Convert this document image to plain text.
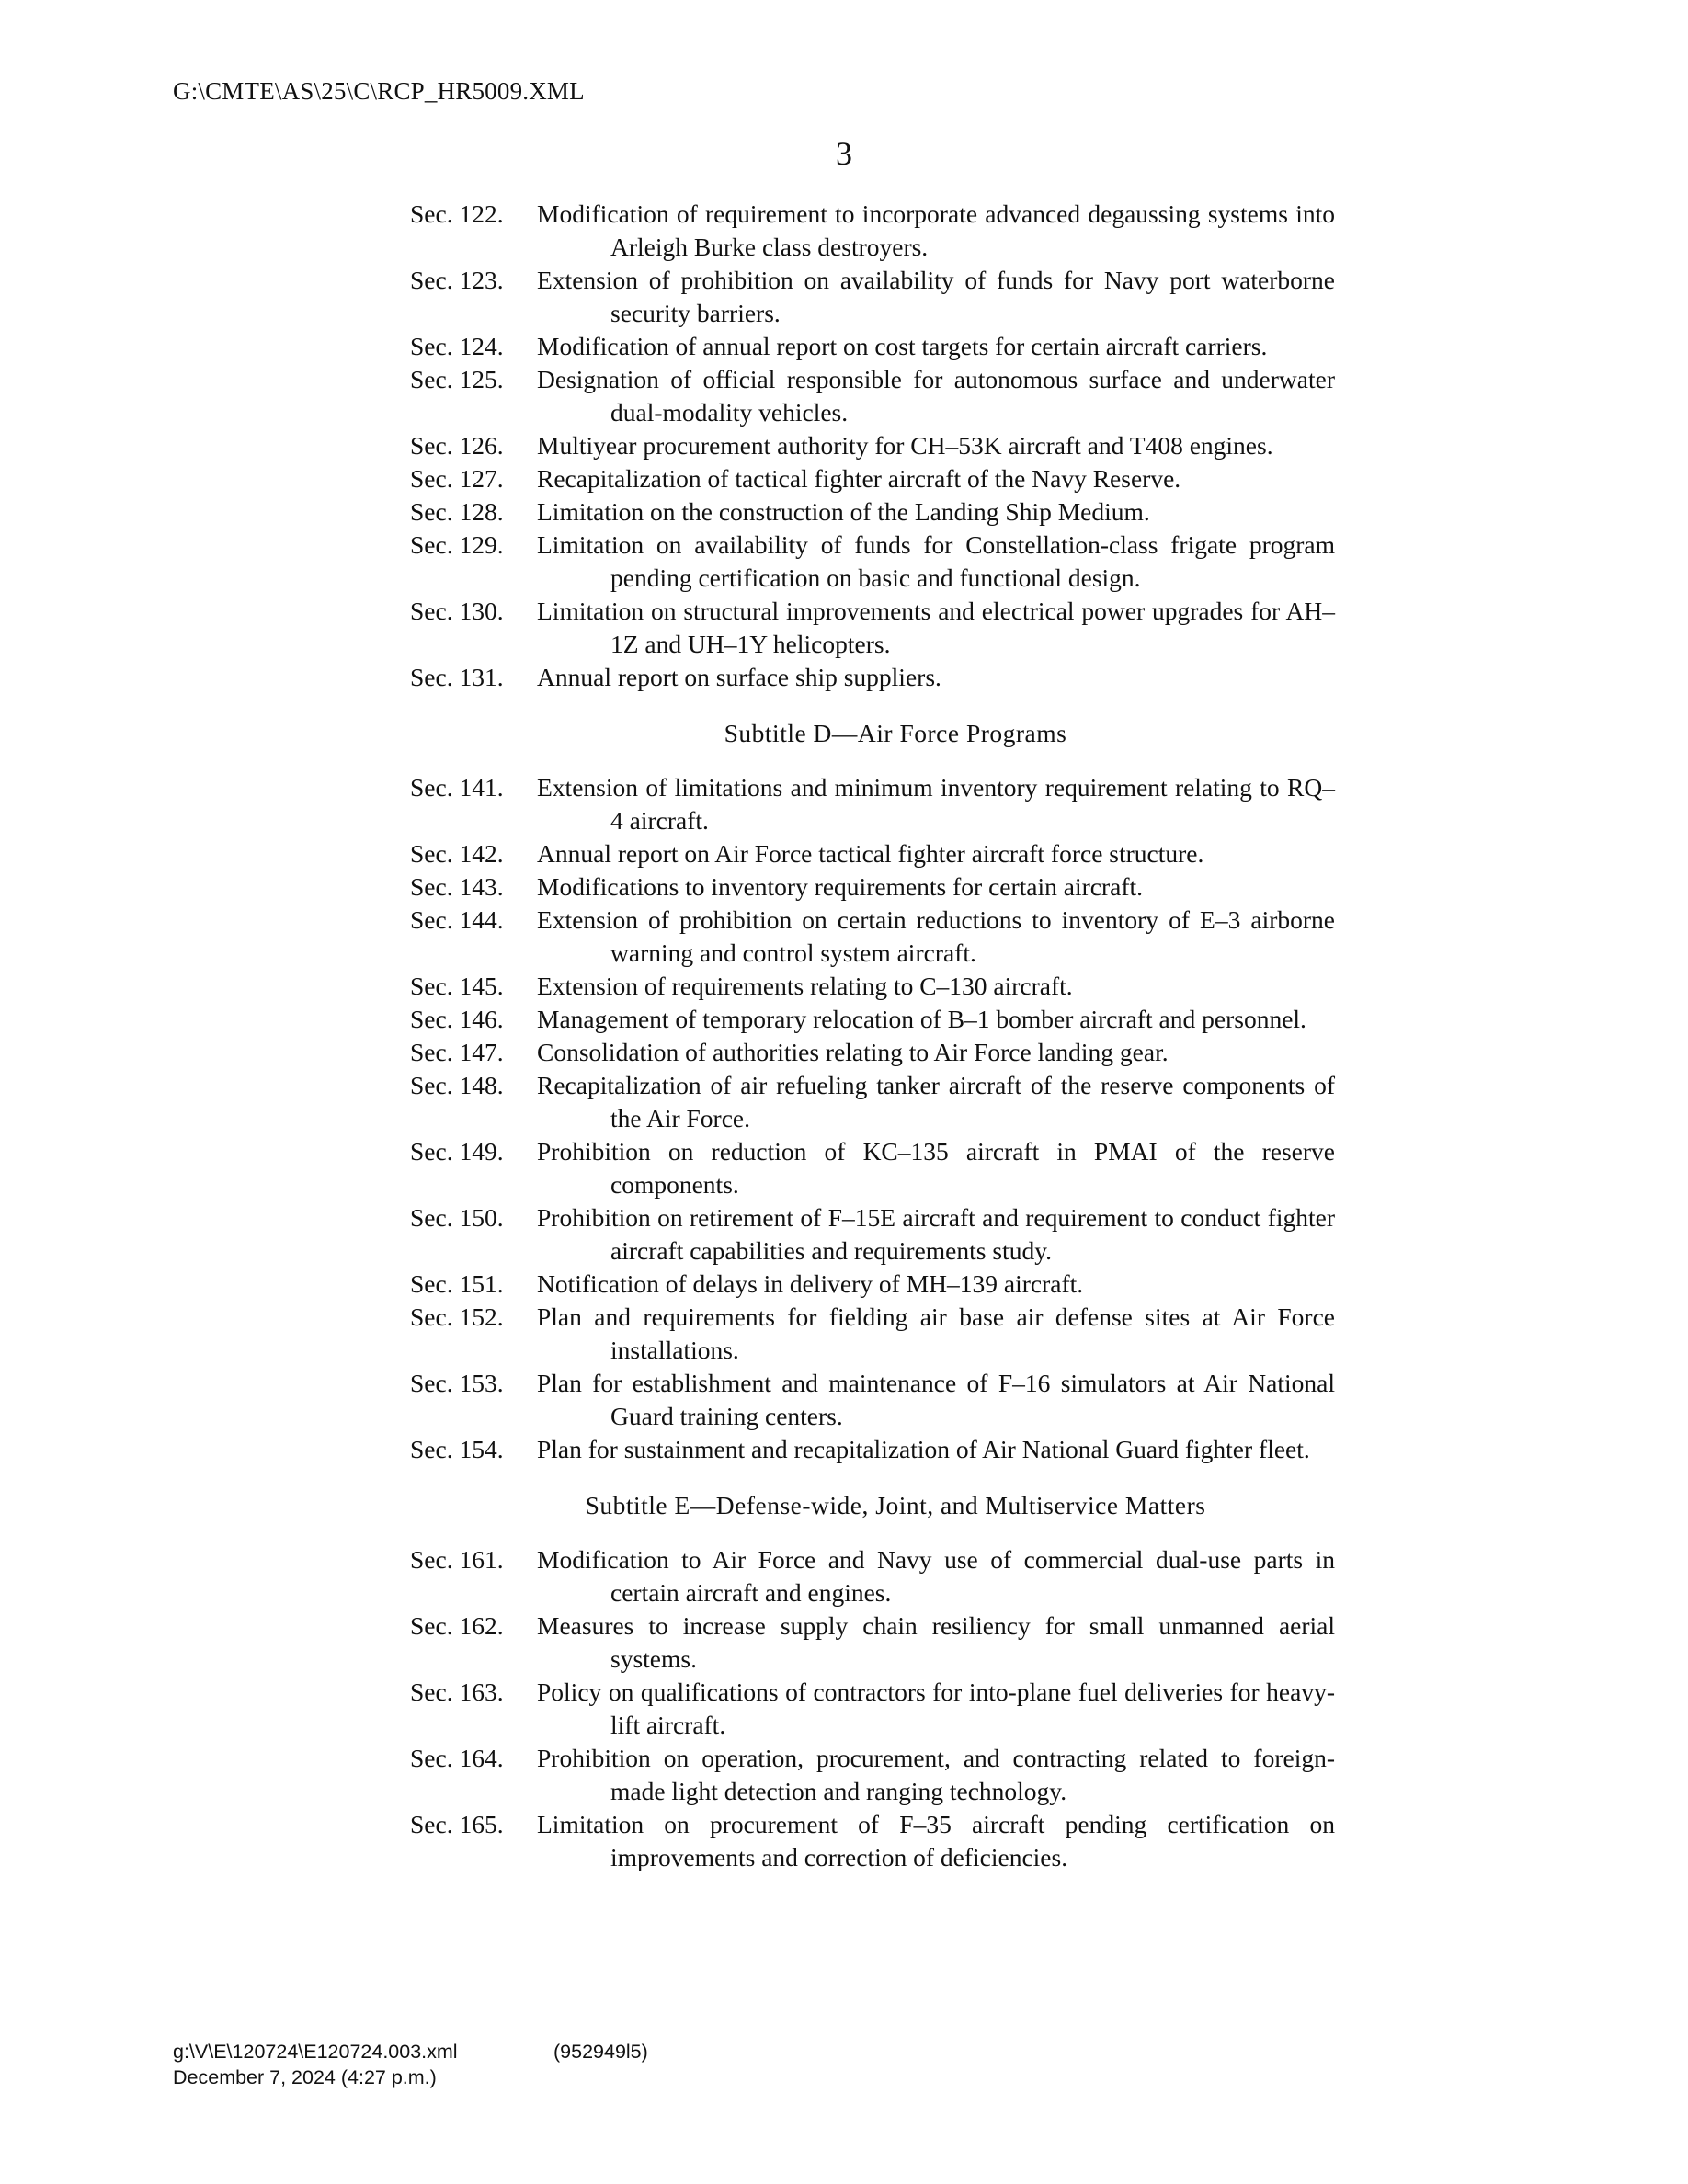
G:\CMTE\AS\25\C\RCP_HR5009.XML
3
Sec. 122.	Modification of requirement to incorporate advanced degaussing systems into Arleigh Burke class destroyers.
Sec. 123.	Extension of prohibition on availability of funds for Navy port waterborne security barriers.
Sec. 124.	Modification of annual report on cost targets for certain aircraft carriers.
Sec. 125.	Designation of official responsible for autonomous surface and underwater dual-modality vehicles.
Sec. 126.	Multiyear procurement authority for CH–53K aircraft and T408 engines.
Sec. 127.	Recapitalization of tactical fighter aircraft of the Navy Reserve.
Sec. 128.	Limitation on the construction of the Landing Ship Medium.
Sec. 129.	Limitation on availability of funds for Constellation-class frigate program pending certification on basic and functional design.
Sec. 130.	Limitation on structural improvements and electrical power upgrades for AH–1Z and UH–1Y helicopters.
Sec. 131.	Annual report on surface ship suppliers.
Subtitle D—Air Force Programs
Sec. 141.	Extension of limitations and minimum inventory requirement relating to RQ–4 aircraft.
Sec. 142.	Annual report on Air Force tactical fighter aircraft force structure.
Sec. 143.	Modifications to inventory requirements for certain aircraft.
Sec. 144.	Extension of prohibition on certain reductions to inventory of E–3 airborne warning and control system aircraft.
Sec. 145.	Extension of requirements relating to C–130 aircraft.
Sec. 146.	Management of temporary relocation of B–1 bomber aircraft and personnel.
Sec. 147.	Consolidation of authorities relating to Air Force landing gear.
Sec. 148.	Recapitalization of air refueling tanker aircraft of the reserve components of the Air Force.
Sec. 149.	Prohibition on reduction of KC–135 aircraft in PMAI of the reserve components.
Sec. 150.	Prohibition on retirement of F–15E aircraft and requirement to conduct fighter aircraft capabilities and requirements study.
Sec. 151.	Notification of delays in delivery of MH–139 aircraft.
Sec. 152.	Plan and requirements for fielding air base air defense sites at Air Force installations.
Sec. 153.	Plan for establishment and maintenance of F–16 simulators at Air National Guard training centers.
Sec. 154.	Plan for sustainment and recapitalization of Air National Guard fighter fleet.
Subtitle E—Defense-wide, Joint, and Multiservice Matters
Sec. 161.	Modification to Air Force and Navy use of commercial dual-use parts in certain aircraft and engines.
Sec. 162.	Measures to increase supply chain resiliency for small unmanned aerial systems.
Sec. 163.	Policy on qualifications of contractors for into-plane fuel deliveries for heavy-lift aircraft.
Sec. 164.	Prohibition on operation, procurement, and contracting related to foreign-made light detection and ranging technology.
Sec. 165.	Limitation on procurement of F–35 aircraft pending certification on improvements and correction of deficiencies.
g:\V\E\120724\E120724.003.xml	(952949l5)
December 7, 2024 (4:27 p.m.)
